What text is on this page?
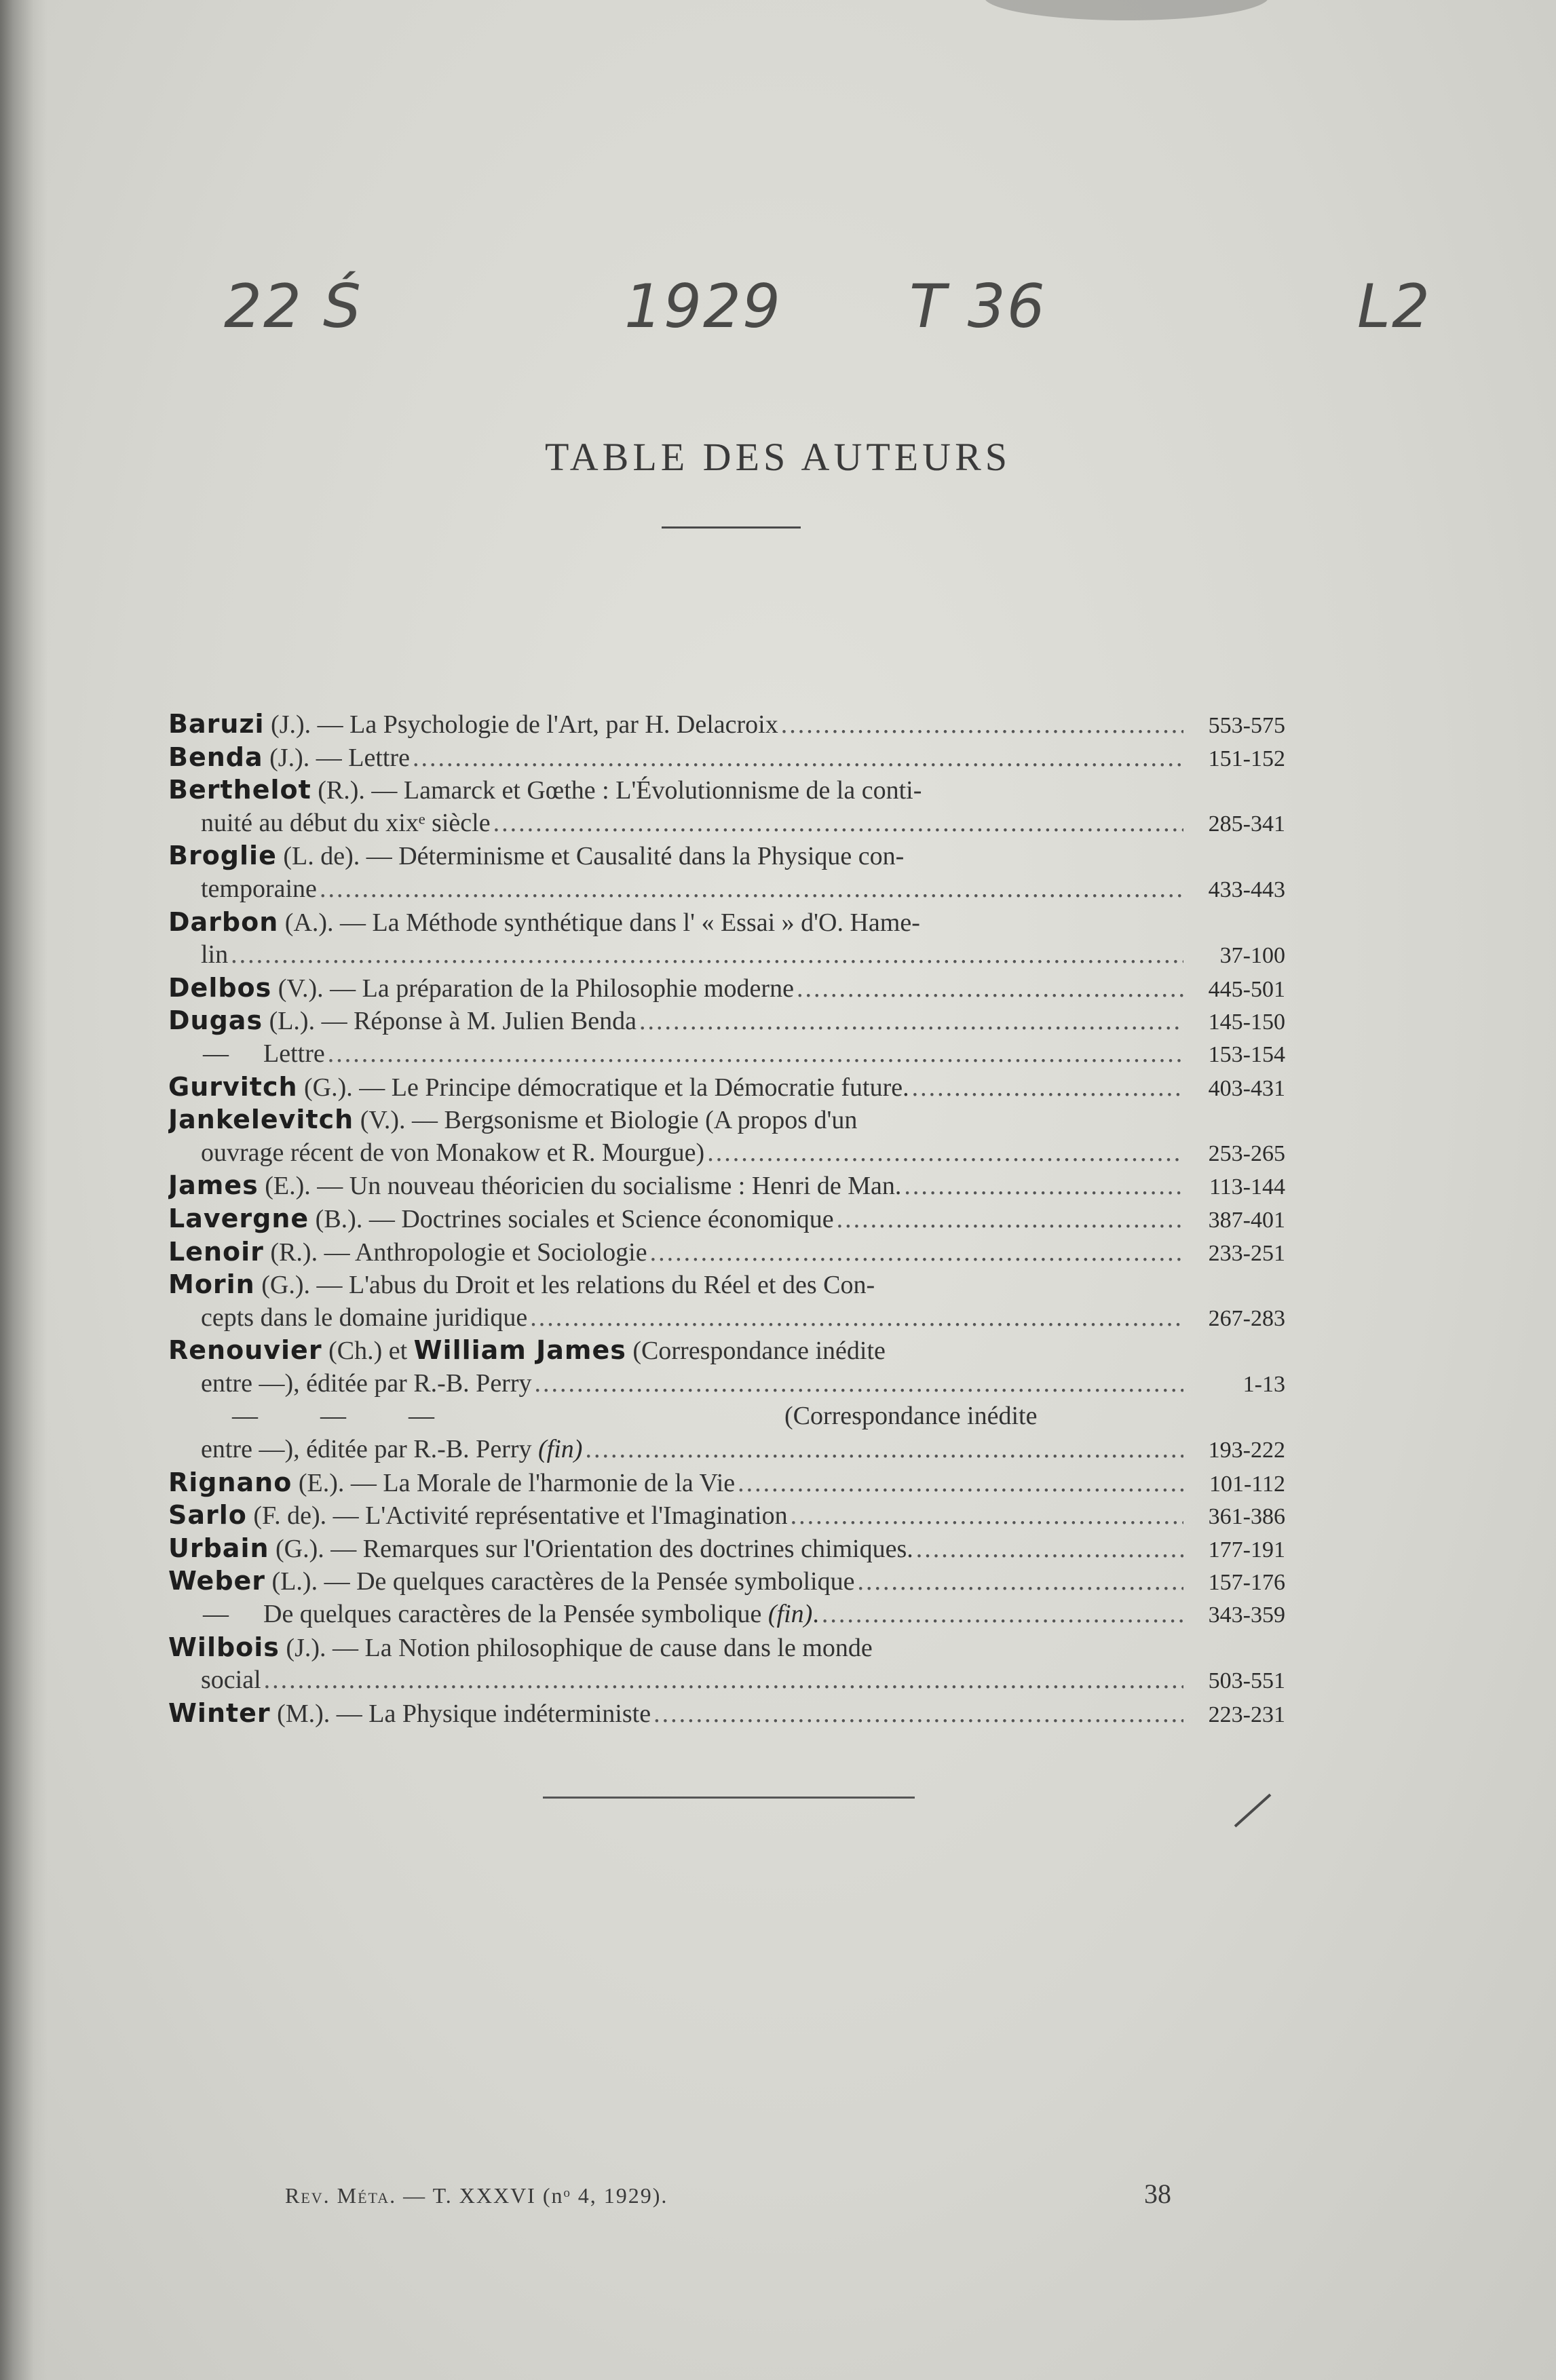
22 Ś	1929 T 36	L2
TABLE DES AUTEURS
Baruzi (J.). — La Psychologie de l'Art, par H. Delacroix .....	553-575
Benda (J.). — Lettre .....	151-152
Berthelot (R.). — Lamarck et Gœthe : L'Évolutionnisme de la conti-
nuité au début du xixᵉ siècle .....	285-341
Broglie (L. de). — Déterminisme et Causalité dans la Physique con-
temporaine .....	433-443
Darbon (A.). — La Méthode synthétique dans l' « Essai » d'O. Hame-
lin .....	37-100
Delbos (V.). — La préparation de la Philosophie moderne .....	445-501
Dugas (L.). — Réponse à M. Julien Benda .....	145-150
— Lettre .....	153-154
Gurvitch (G.). — Le Principe démocratique et la Démocratie future. .....	403-431
Jankelevitch (V.). — Bergsonisme et Biologie (A propos d'un
ouvrage récent de von Monakow et R. Mourgue) .....	253-265
James (E.). — Un nouveau théoricien du socialisme : Henri de Man. .....	113-144
Lavergne (B.). — Doctrines sociales et Science économique .....	387-401
Lenoir (R.). — Anthropologie et Sociologie .....	233-251
Morin (G.). — L'abus du Droit et les relations du Réel et des Con-
cepts dans le domaine juridique .....	267-283
Renouvier (Ch.) et William James (Correspondance inédite
entre —), éditée par R.-B. Perry .....	1-13
— — —	(Correspondance inédite
entre —), éditée par R.-B. Perry (fin) .....	193-222
Rignano (E.). — La Morale de l'harmonie de la Vie .....	101-112
Sarlo (F. de). — L'Activité représentative et l'Imagination .....	361-386
Urbain (G.). — Remarques sur l'Orientation des doctrines chimiques. .....	177-191
Weber (L.). — De quelques caractères de la Pensée symbolique .....	157-176
— De quelques caractères de la Pensée symbolique (fin). .....	343-359
Wilbois (J.). — La Notion philosophique de cause dans le monde
social .....	503-551
Winter (M.). — La Physique indéterministe .....	223-231
Rev. Méta. — T. XXXVI (nᵒ 4, 1929).	38
